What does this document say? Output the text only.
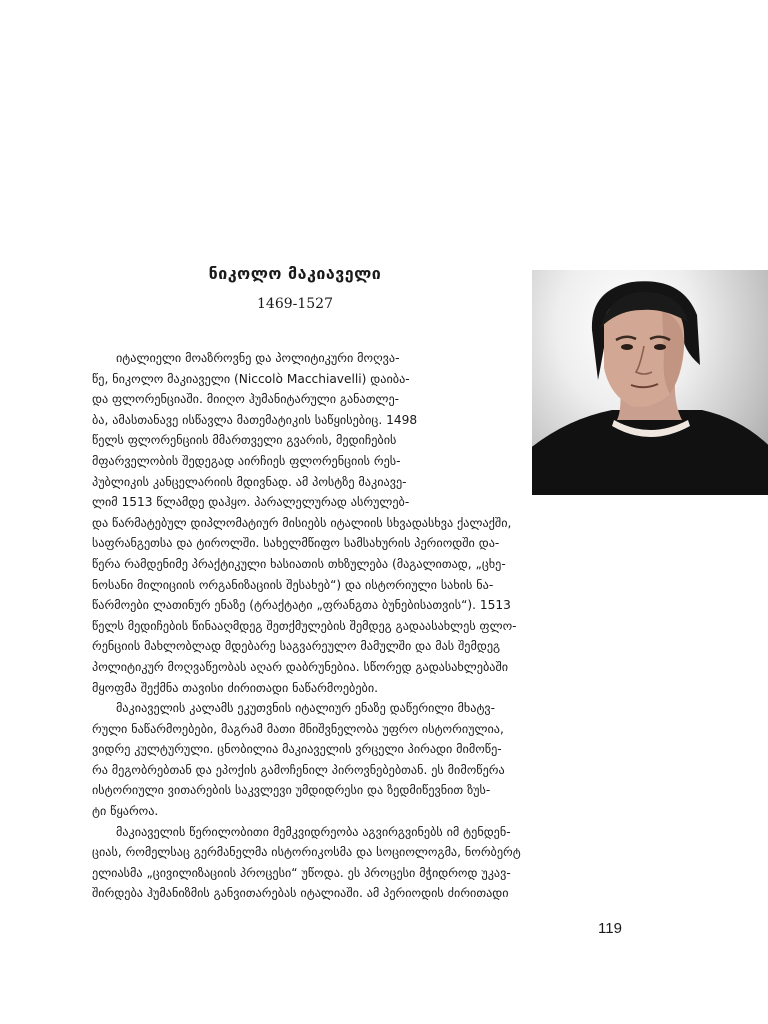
ნიკოლო მაკიაველი
1469-1527
იტალიელი მოაზროვნე და პოლიტიკური მოღვა-
წე, ნიკოლო მაკიაველი (Niccolò Macchiavelli) დაიბა-
და ფლორენციაში. მიიღო ჰუმანიტარული განათლე-
ბა, ამასთანავე ისწავლა მათემატიკის საწყისებიც. 1498
წელს ფლორენციის მმართველი გვარის, მედიჩების
მფარველობის შედეგად აირჩიეს ფლორენციის რეს-
პუბლიკის კანცელარიის მდივნად. ამ პოსტზე მაკიავე-
ლიმ 1513 წლამდე დაჰყო. პარალელურად ასრულებ-
და წარმატებულ დიპლომატიურ მისიებს იტალიის სხვადასხვა ქალაქში,
საფრანგეთსა და ტიროლში. სახელმწიფო სამსახურის პერიოდში და-
წერა რამდენიმე პრაქტიკული ხასიათის თხზულება (მაგალითად, „ცხე-
ნოსანი მილიციის ორგანიზაციის შესახებ“) და ისტორიული სახის ნა-
წარმოები ლათინურ ენაზე (ტრაქტატი „ფრანგთა ბუნებისათვის“). 1513
წელს მედიჩების წინააღმდეგ შეთქმულების შემდეგ გადაასახლეს ფლო-
რენციის მახლობლად მდებარე საგვარეულო მამულში და მას შემდეგ
პოლიტიკურ მოღვაწეობას აღარ დაბრუნებია. სწორედ გადასახლებაში
მყოფმა შექმნა თავისი ძირითადი ნაწარმოებები.
მაკიაველის კალამს ეკუთვნის იტალიურ ენაზე დაწერილი მხატვ-
რული ნაწარმოებები, მაგრამ მათი მნიშვნელობა უფრო ისტორიულია,
ვიდრე კულტურული. ცნობილია მაკიაველის ვრცელი პირადი მიმოწე-
რა მეგობრებთან და ეპოქის გამოჩენილ პიროვნებებთან. ეს მიმოწერა
ისტორიული ვითარების საკვლევი უმდიდრესი და ზედმიწევნით ზუს-
ტი წყაროა.
მაკიაველის წერილობითი მემკვიდრეობა აგვირგვინებს იმ ტენდენ-
ციას, რომელსაც გერმანელმა ისტორიკოსმა და სოციოლოგმა, ნორბერტ
ელიასმა „ცივილიზაციის პროცესი“ უწოდა. ეს პროცესი მჭიდროდ უკავ-
შირდება ჰუმანიზმის განვითარებას იტალიაში. ამ პერიოდის ძირითადი
119
